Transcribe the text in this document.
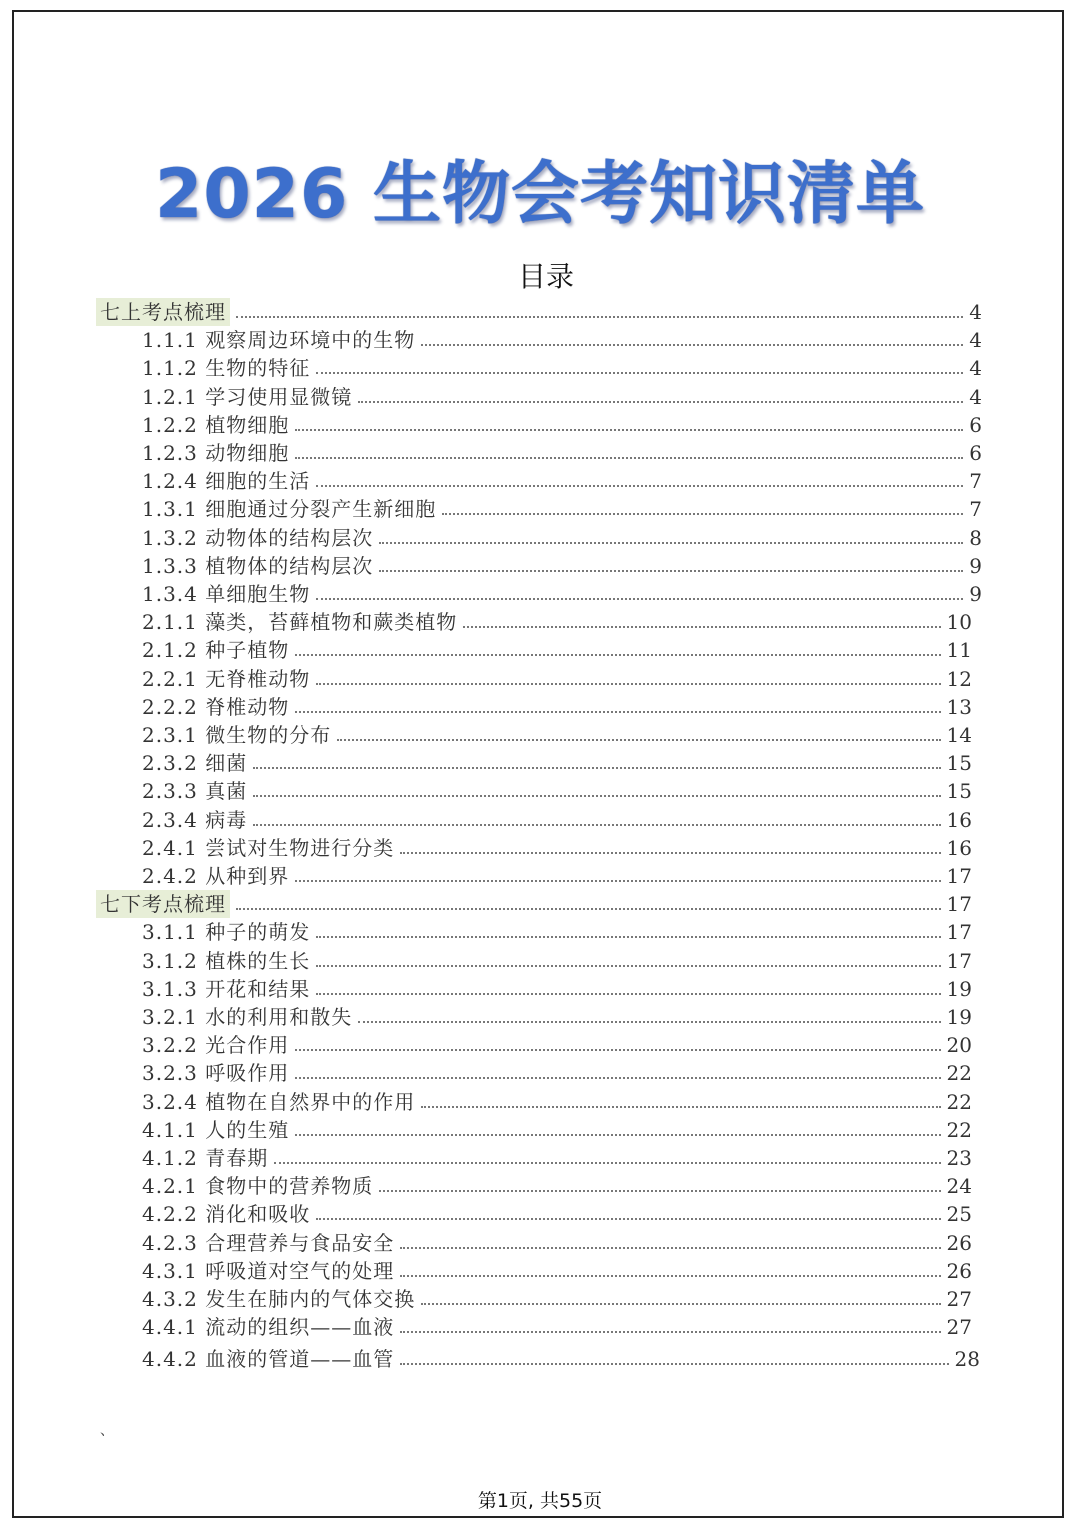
2026 生物会考知识清单
目录
七上考点梳理	4
1.1.1 观察周边环境中的生物	4
1.1.2 生物的特征	4
1.2.1 学习使用显微镜	4
1.2.2 植物细胞	6
1.2.3 动物细胞	6
1.2.4 细胞的生活	7
1.3.1 细胞通过分裂产生新细胞	7
1.3.2 动物体的结构层次	8
1.3.3 植物体的结构层次	9
1.3.4 单细胞生物	9
2.1.1 藻类，苔藓植物和蕨类植物	10
2.1.2 种子植物	11
2.2.1 无脊椎动物	12
2.2.2 脊椎动物	13
2.3.1 微生物的分布	14
2.3.2 细菌	15
2.3.3 真菌	15
2.3.4 病毒	16
2.4.1 尝试对生物进行分类	16
2.4.2 从种到界	17
七下考点梳理	17
3.1.1 种子的萌发	17
3.1.2 植株的生长	17
3.1.3 开花和结果	19
3.2.1 水的利用和散失	19
3.2.2 光合作用	20
3.2.3 呼吸作用	22
3.2.4 植物在自然界中的作用	22
4.1.1 人的生殖	22
4.1.2 青春期	23
4.2.1 食物中的营养物质	24
4.2.2 消化和吸收	25
4.2.3 合理营养与食品安全	26
4.3.1 呼吸道对空气的处理	26
4.3.2 发生在肺内的气体交换	27
4.4.1 流动的组织——血液	27
4.4.2 血液的管道——血管	28
、
第1页, 共55页
